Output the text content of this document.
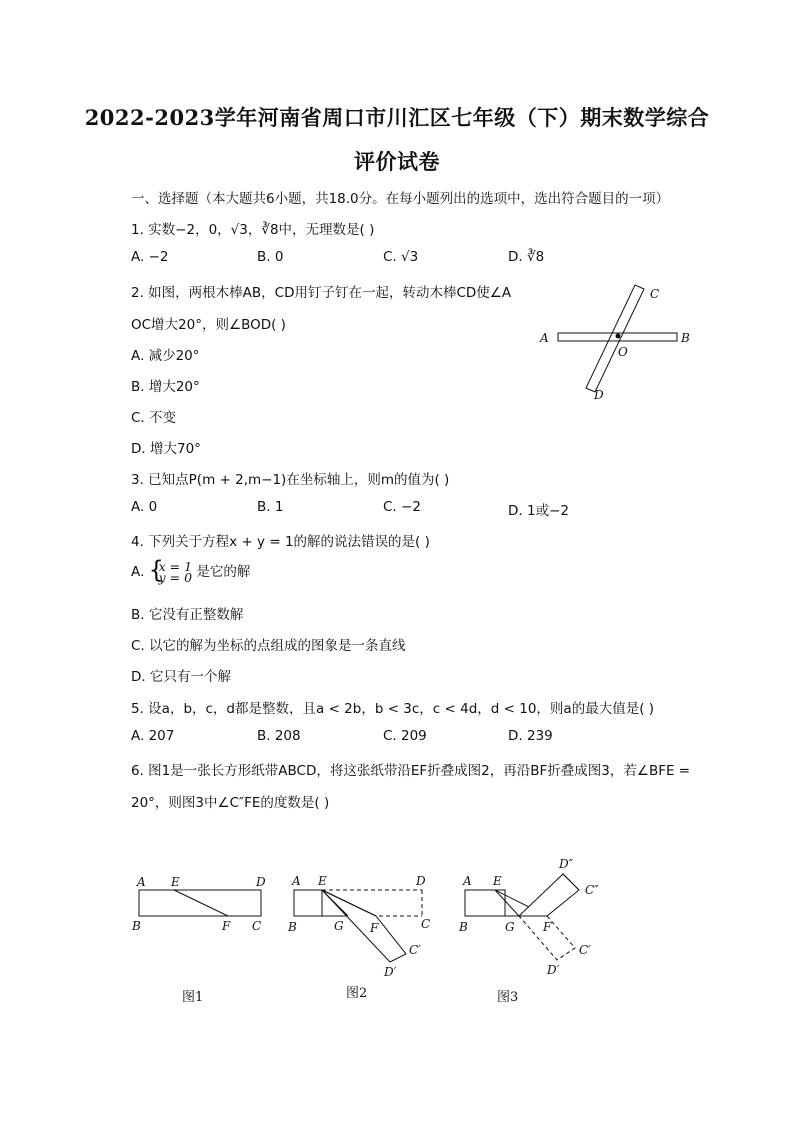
2022-2023学年河南省周口市川汇区七年级（下）期末数学综合
评价试卷
一、选择题（本大题共6小题，共18.0分。在每小题列出的选项中，选出符合题目的一项）
1. 实数−2，0，√3，∛8中，无理数是( )
A. −2	B. 0	C. √3	D. ∛8
2. 如图，两根木棒AB，CD用钉子钉在一起，转动木棒CD使∠A
OC增大20°，则∠BOD( )
A. 减少20°
B. 增大20°
C. 不变
D. 增大70°
C
A	B
O
D
3. 已知点P(m + 2,m−1)在坐标轴上，则m的值为( )
A. 0	B. 1	C. −2	D. 1或−2
4. 下列关于方程x + y = 1的解的说法错误的是( )
A. {
x = 1
y = 0 是它的解
B. 它没有正整数解
C. 以它的解为坐标的点组成的图象是一条直线
D. 它只有一个解
5. 设a，b，c，d都是整数，且a < 2b，b < 3c，c < 4d，d < 10，则a的最大值是( )
A. 207	B. 208	C. 209	D. 239
6. 图1是一张长方形纸带ABCD，将这张纸带沿EF折叠成图2，再沿BF折叠成图3，若∠BFE =
20°，则图3中∠C″FE的度数是( )
A E	D
B	F C
图1
A E	D
B	G F	C
C′
D′
图2
A E
D″
C″
B	G F
C′
D′
图3
